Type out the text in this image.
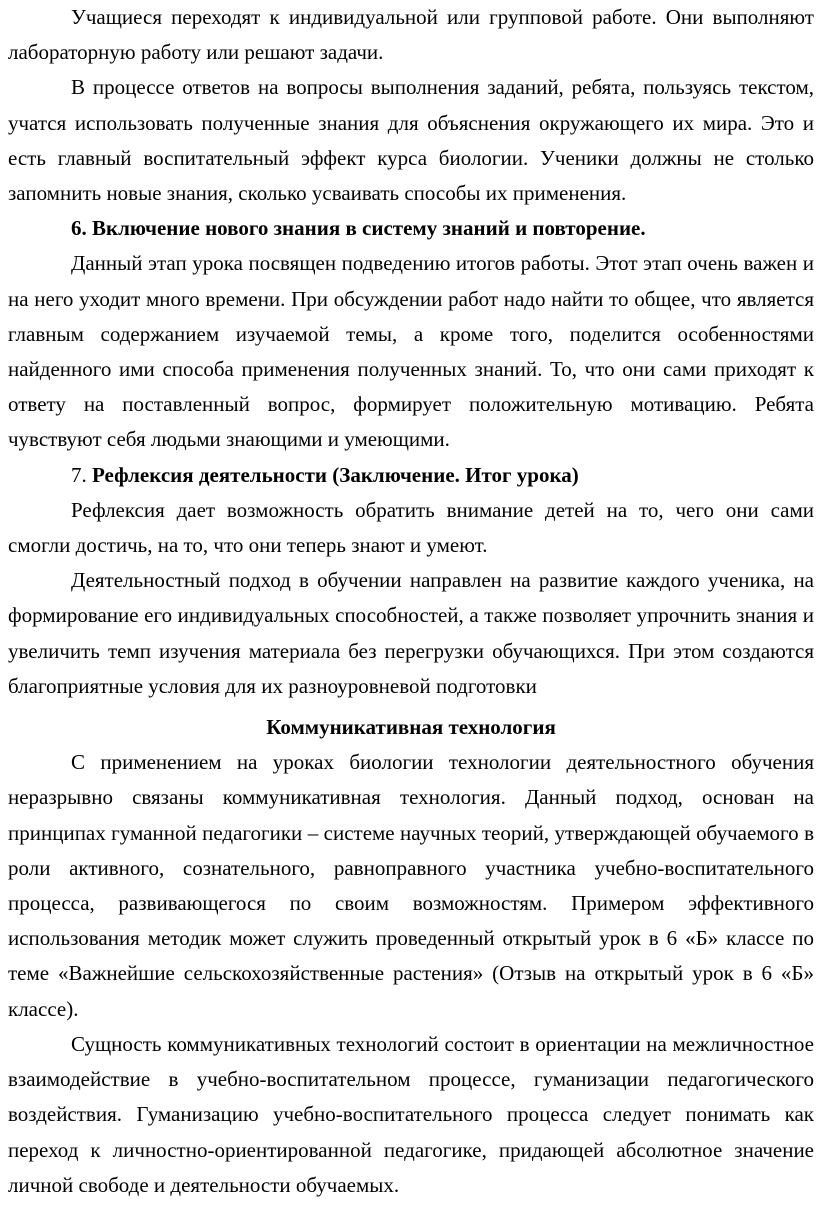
Учащиеся переходят к индивидуальной или групповой работе. Они выполняют лабораторную работу или решают задачи.

В процессе ответов на вопросы выполнения заданий, ребята, пользуясь текстом, учатся использовать полученные знания для объяснения окружающего их мира. Это и есть главный воспитательный эффект курса биологии. Ученики должны не столько запомнить новые знания, сколько усваивать способы их применения.

6. Включение нового знания в систему знаний и повторение.

Данный этап урока посвящен подведению итогов работы. Этот этап очень важен и на него уходит много времени. При обсуждении работ надо найти то общее, что является главным содержанием изучаемой темы, а кроме того, поделится особенностями найденного ими способа применения полученных знаний. То, что они сами приходят к ответу на поставленный вопрос, формирует положительную мотивацию. Ребята чувствуют себя людьми знающими и умеющими.

7. Рефлексия деятельности (Заключение. Итог урока)

Рефлексия дает возможность обратить внимание детей на то, чего они сами смогли достичь, на то, что они теперь знают и умеют.

Деятельностный подход в обучении направлен на развитие каждого ученика, на формирование его индивидуальных способностей, а также позволяет упрочнить знания и увеличить темп изучения материала без перегрузки обучающихся. При этом создаются благоприятные условия для их разноуровневой подготовки

Коммуникативная технология

С применением на уроках биологии технологии деятельностного обучения неразрывно связаны коммуникативная технология. Данный подход, основан на принципах гуманной педагогики – системе научных теорий, утверждающей обучаемого в роли активного, сознательного, равноправного участника учебно-воспитательного процесса, развивающегося по своим возможностям. Примером эффективного использования методик может служить проведенный открытый урок в 6 «Б» классе по теме «Важнейшие сельскохозяйственные растения» (Отзыв на открытый урок в 6 «Б» классе).

Сущность коммуникативных технологий состоит в ориентации на межличностное взаимодействие в учебно-воспитательном процессе, гуманизации педагогического воздействия. Гуманизацию учебно-воспитательного процесса следует понимать как переход к личностно-ориентированной педагогике, придающей абсолютное значение личной свободе и деятельности обучаемых.
